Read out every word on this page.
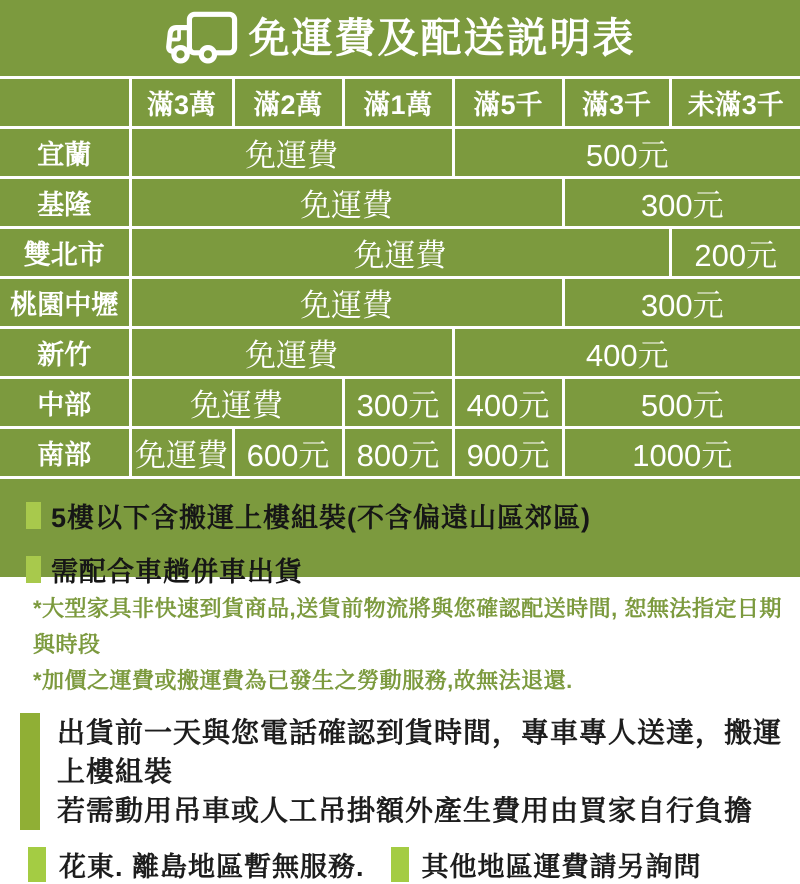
免運費及配送説明表
	滿3萬	滿2萬	滿1萬	滿5千	滿3千	未滿3千
宜蘭	免運費			500元		
基隆	免運費				300元	
雙北市	免運費					200元
桃園中壢	免運費				300元	
新竹	免運費			400元		
中部	免運費		300元	400元	500元	
南部	免運費	600元	800元	900元	1000元	
5樓以下含搬運上樓組裝(不含偏遠山區郊區)
需配合車趟併車出貨
*大型家具非快速到貨商品,送貨前物流將與您確認配送時間, 恕無法指定日期與時段
*加價之運費或搬運費為已發生之勞動服務,故無法退還.
出貨前一天與您電話確認到貨時間，專車專人送達，搬運上樓組裝
若需動用吊車或人工吊掛額外產生費用由買家自行負擔
花東. 離島地區暫無服務. 其他地區運費請另詢問
